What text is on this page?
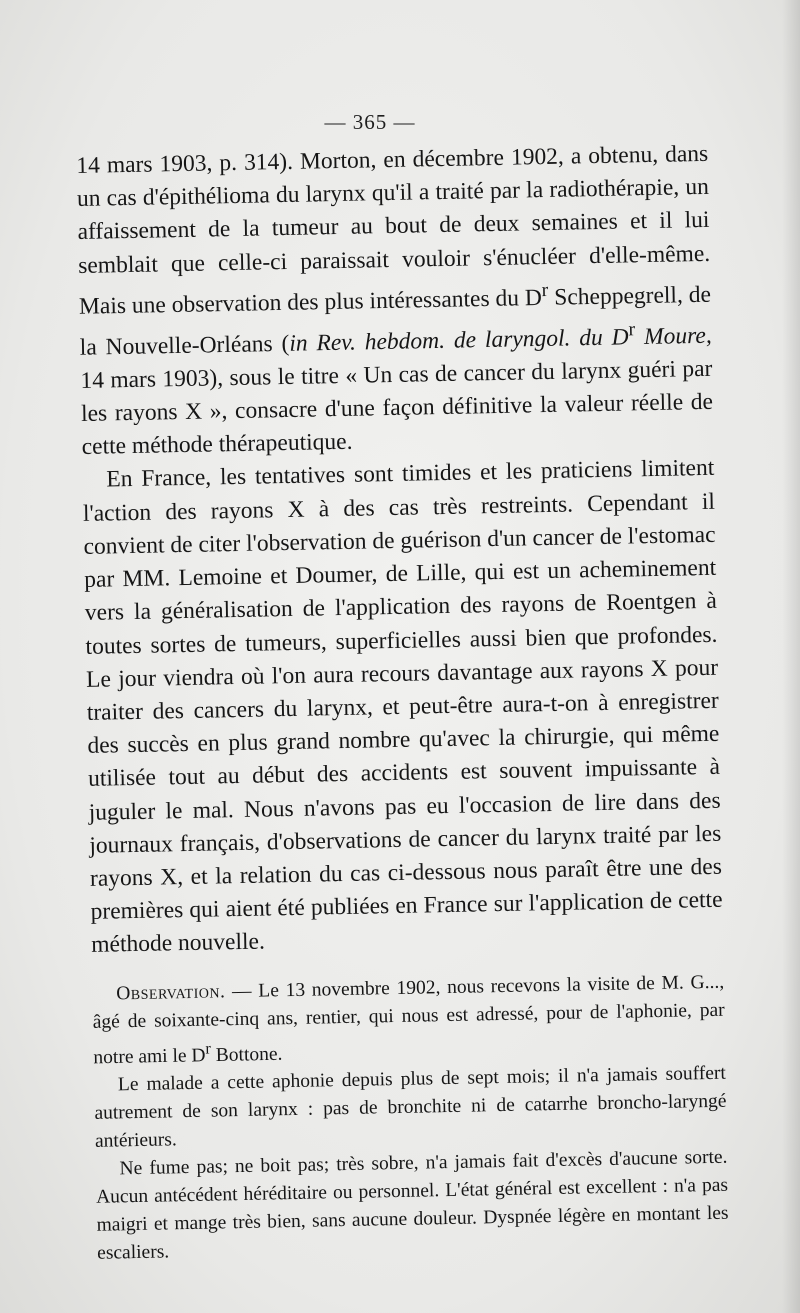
— 365 —

14 mars 1903, p. 314). Morton, en décembre 1902, a obtenu, dans un cas d'épithélioma du larynx qu'il a traité par la radiothérapie, un affaissement de la tumeur au bout de deux semaines et il lui semblait que celle-ci paraissait vouloir s'énucléer d'elle-même. Mais une observation des plus intéressantes du $D^r$ Scheppegrell, de la Nouvelle-Orléans (in Rev. hebdom. de laryngol. du $D^r$ Moure, 14 mars 1903), sous le titre « Un cas de cancer du larynx guéri par les rayons X », consacre d'une façon définitive la valeur réelle de cette méthode thérapeutique.

En France, les tentatives sont timides et les praticiens limitent l'action des rayons X à des cas très restreints. Cependant il convient de citer l'observation de guérison d'un cancer de l'estomac par MM. Lemoine et Doumer, de Lille, qui est un acheminement vers la généralisation de l'application des rayons de Roentgen à toutes sortes de tumeurs, superficielles aussi bien que profondes. Le jour viendra où l'on aura recours davantage aux rayons X pour traiter des cancers du larynx, et peut-être aura-t-on à enregistrer des succès en plus grand nombre qu'avec la chirurgie, qui même utilisée tout au début des accidents est souvent impuissante à juguler le mal. Nous n'avons pas eu l'occasion de lire dans des journaux français, d'observations de cancer du larynx traité par les rayons X, et la relation du cas ci-dessous nous paraît être une des premières qui aient été publiées en France sur l'application de cette méthode nouvelle.

Observation. — Le 13 novembre 1902, nous recevons la visite de M. G..., âgé de soixante-cinq ans, rentier, qui nous est adressé, pour de l'aphonie, par notre ami le $D^r$ Bottone.

Le malade a cette aphonie depuis plus de sept mois; il n'a jamais souffert autrement de son larynx : pas de bronchite ni de catarrhe broncho-laryngé antérieurs.

Ne fume pas; ne boit pas; très sobre, n'a jamais fait d'excès d'aucune sorte. Aucun antécédent héréditaire ou personnel. L'état général est excellent : n'a pas maigri et mange très bien, sans aucune douleur. Dyspnée légère en montant les escaliers.
